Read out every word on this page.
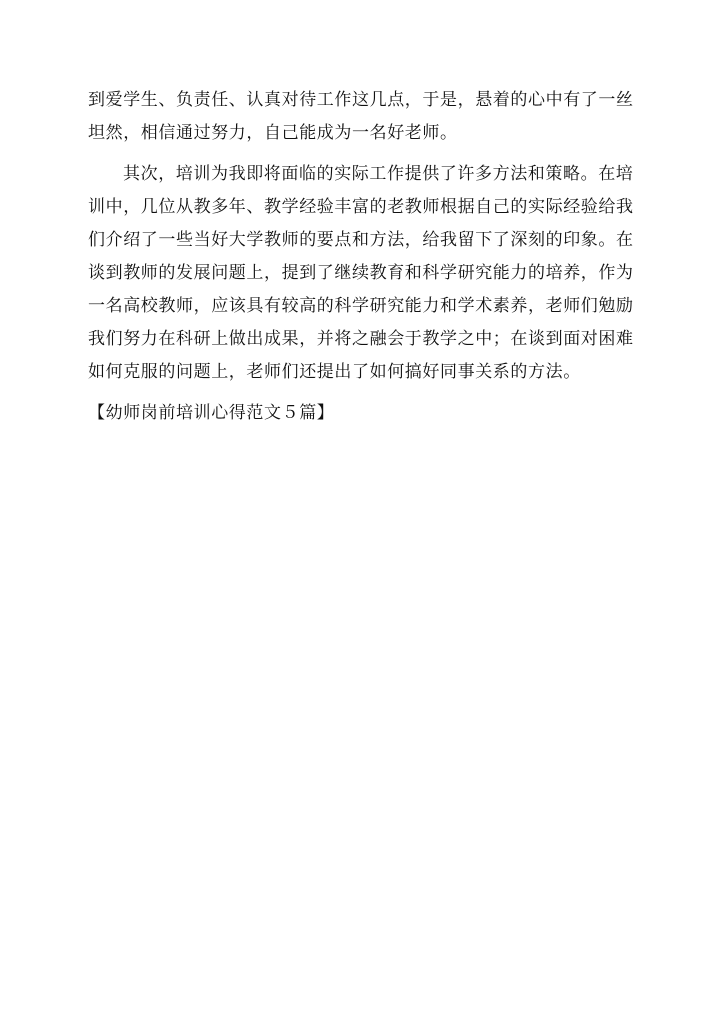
到爱学生、负责任、认真对待工作这几点，于是，悬着的心中有了一丝
坦然，相信通过努力，自己能成为一名好老师。
其次，培训为我即将面临的实际工作提供了许多方法和策略。在培
训中，几位从教多年、教学经验丰富的老教师根据自己的实际经验给我
们介绍了一些当好大学教师的要点和方法，给我留下了深刻的印象。在
谈到教师的发展问题上，提到了继续教育和科学研究能力的培养，作为
一名高校教师，应该具有较高的科学研究能力和学术素养，老师们勉励
我们努力在科研上做出成果，并将之融会于教学之中；在谈到面对困难
如何克服的问题上，老师们还提出了如何搞好同事关系的方法。
【幼师岗前培训心得范文５篇】
